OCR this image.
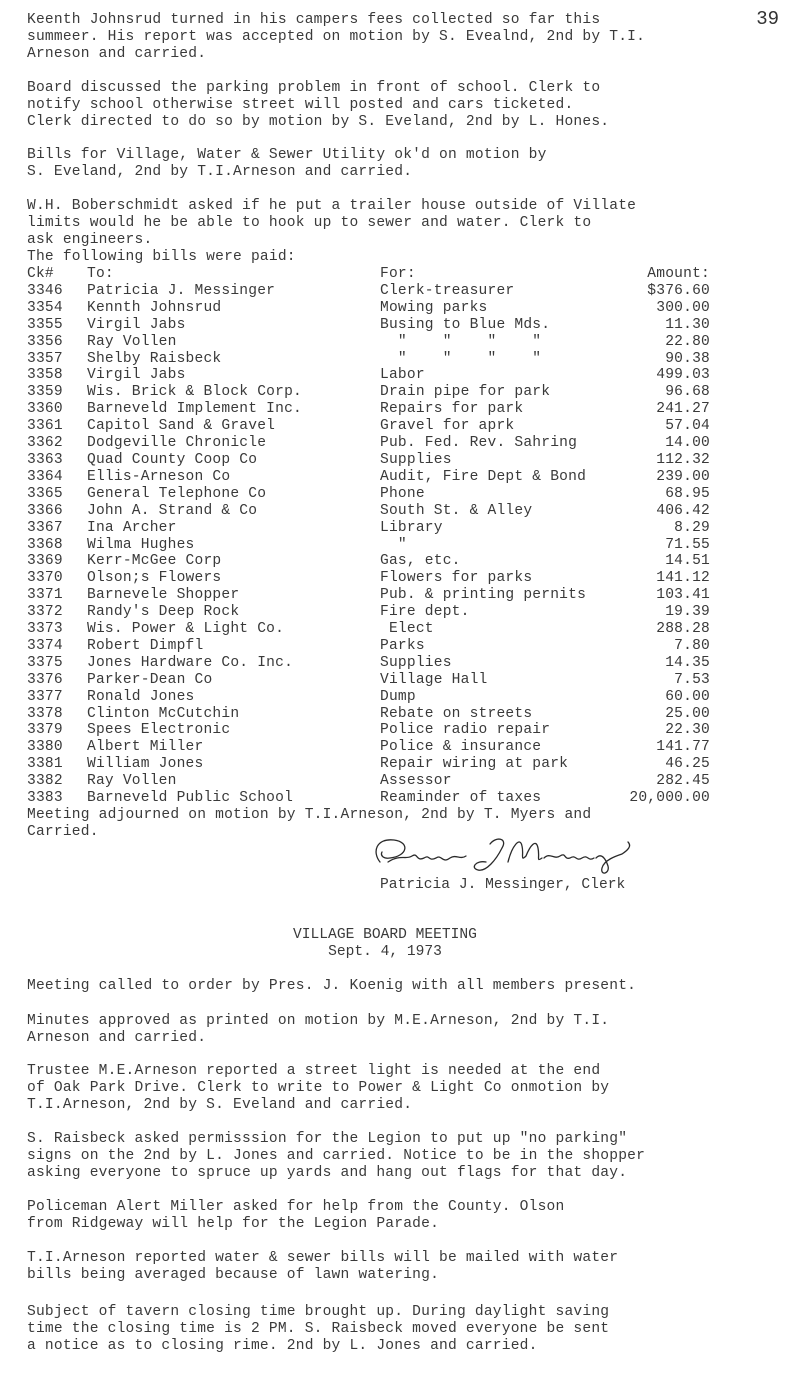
39
Keenth Johnsrud turned in his campers fees collected so far this
summeer. His report was accepted on motion by S. Evealnd, 2nd by T.I.
Arneson and carried.
Board discussed the parking problem in front of school. Clerk to
notify school otherwise street will posted and cars ticketed.
Clerk directed to do so by motion by S. Eveland, 2nd by L. Hones.
Bills for Village, Water & Sewer Utility ok'd on motion by
S. Eveland, 2nd by T.I.Arneson and carried.
W.H. Boberschmidt asked if he put a trailer house outside of Villate
limits would he be able to hook up to sewer and water. Clerk to
ask engineers.
The following bills were paid:
Ck#	To:	For:	Amount:
3346	Patricia J. Messinger	Clerk-treasurer	$376.60
3354	Kennth Johnsrud	Mowing parks	300.00
3355	Virgil Jabs	Busing to Blue Mds.	11.30
3356	Ray Vollen	"    "    "    "	22.80
3357	Shelby Raisbeck	"    "    "    "	90.38
3358	Virgil Jabs	Labor	499.03
3359	Wis. Brick & Block Corp.	Drain pipe for park	96.68
3360	Barneveld Implement Inc.	Repairs for park	241.27
3361	Capitol Sand & Gravel	Gravel for aprk	57.04
3362	Dodgeville Chronicle	Pub. Fed. Rev. Sahring	14.00
3363	Quad County Coop Co	Supplies	112.32
3364	Ellis-Arneson Co	Audit, Fire Dept & Bond	239.00
3365	General Telephone Co	Phone	68.95
3366	John A. Strand & Co	South St. & Alley	406.42
3367	Ina Archer	Library	8.29
3368	Wilma Hughes	"	71.55
3369	Kerr-McGee Corp	Gas, etc.	14.51
3370	Olson;s Flowers	Flowers for parks	141.12
3371	Barnevele Shopper	Pub. & printing pernits	103.41
3372	Randy's Deep Rock	Fire dept.	19.39
3373	Wis. Power & Light Co.	Elect	288.28
3374	Robert Dimpfl	Parks	7.80
3375	Jones Hardware Co. Inc.	Supplies	14.35
3376	Parker-Dean Co	Village Hall	7.53
3377	Ronald Jones	Dump	60.00
3378	Clinton McCutchin	Rebate on streets	25.00
3379	Spees Electronic	Police radio repair	22.30
3380	Albert Miller	Police & insurance	141.77
3381	William Jones	Repair wiring at park	46.25
3382	Ray Vollen	Assessor	282.45
3383	Barneveld Public School	Reaminder of taxes	20,000.00
Meeting adjourned on motion by T.I.Arneson, 2nd by T. Myers and
Carried.
Patricia J Messinger
Patricia J. Messinger, Clerk
VILLAGE BOARD MEETING
Sept. 4, 1973
Meeting called to order by Pres. J. Koenig with all members present.
Minutes approved as printed on motion by M.E.Arneson, 2nd by T.I.
Arneson and carried.
Trustee M.E.Arneson reported a street light is needed at the end
of Oak Park Drive. Clerk to write to Power & Light Co onmotion by
T.I.Arneson, 2nd by S. Eveland and carried.
S. Raisbeck asked permisssion for the Legion to put up "no parking"
signs on the 2nd by L. Jones and carried. Notice to be in the shopper
asking everyone to spruce up yards and hang out flags for that day.
Policeman Alert Miller asked for help from the County. Olson
from Ridgeway will help for the Legion Parade.
T.I.Arneson reported water & sewer bills will be mailed with water
bills being averaged because of lawn watering.
Subject of tavern closing time brought up. During daylight saving
time the closing time is 2 PM. S. Raisbeck moved everyone be sent
a notice as to closing rime. 2nd by L. Jones and carried.
